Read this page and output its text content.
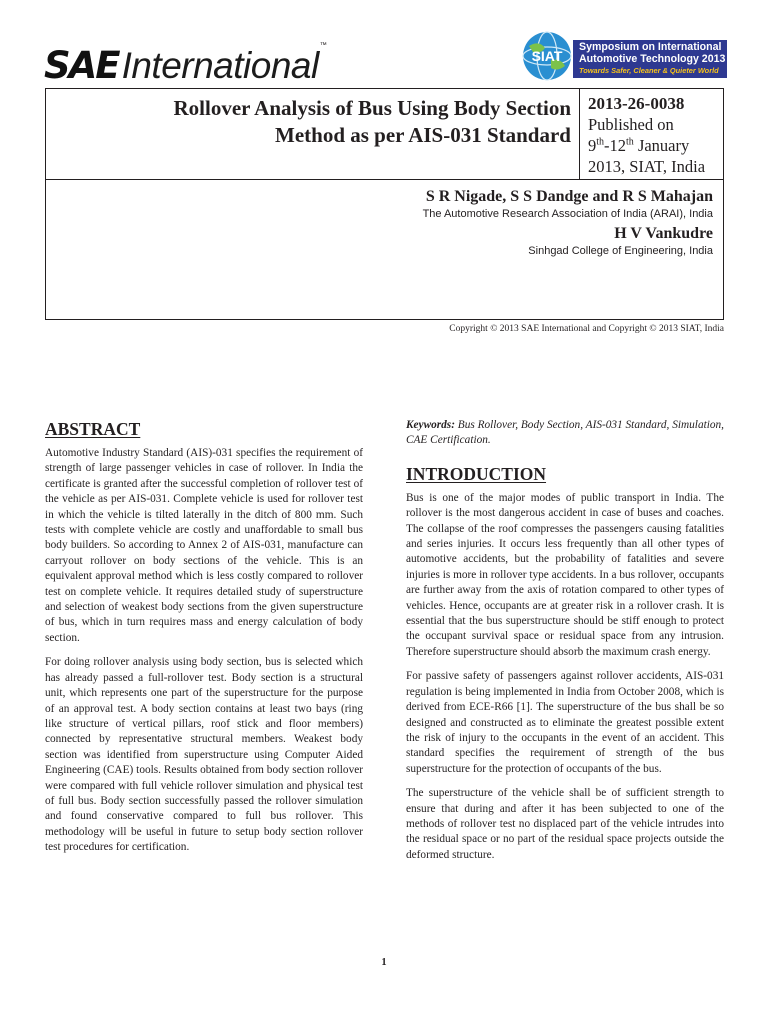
SAE International ™
SIAT
Symposium on International
Automotive Technology 2013
Towards Safer, Cleaner & Quieter World
Rollover Analysis of Bus Using Body Section
Method as per AIS-031 Standard
2013-26-0038
Published on
9th-12th January
2013, SIAT, India
S R Nigade, S S Dandge and R S Mahajan
The Automotive Research Association of India (ARAI), India
H V Vankudre
Sinhgad College of Engineering, India
Copyright © 2013 SAE International and Copyright © 2013 SIAT, India
ABSTRACT

Automotive Industry Standard (AIS)-031 specifies the requirement of strength of large passenger vehicles in case of rollover. In India the certificate is granted after the successful completion of rollover test of the vehicle as per AIS-031. Complete vehicle is used for rollover test in which the vehicle is tilted laterally in the ditch of 800 mm. Such tests with complete vehicle are costly and unaffordable to small bus body builders. So according to Annex 2 of AIS-031, manufacture can carryout rollover on body sections of the vehicle. This is an equivalent approval method which is less costly compared to rollover test on complete vehicle. It requires detailed study of superstructure and selection of weakest body sections from the given superstructure of bus, which in turn requires mass and energy calculation of body section.

For doing rollover analysis using body section, bus is selected which has already passed a full-rollover test. Body section is a structural unit, which represents one part of the superstructure for the purpose of an approval test. A body section contains at least two bays (ring like structure of vertical pillars, roof stick and floor members) connected by representative structural members. Weakest body section was identified from superstructure using Computer Aided Engineering (CAE) tools. Results obtained from body section rollover were compared with full vehicle rollover simulation and physical test of full bus. Body section successfully passed the rollover simulation and found conservative compared to full bus rollover. This methodology will be useful in future to setup body section rollover test procedures for certification.

Keywords: Bus Rollover, Body Section, AIS-031 Standard, Simulation, CAE Certification.

INTRODUCTION

Bus is one of the major modes of public transport in India. The rollover is the most dangerous accident in case of buses and coaches. The collapse of the roof compresses the passengers causing fatalities and series injuries. It occurs less frequently than all other types of automotive accidents, but the probability of fatalities and severe injuries is more in rollover type accidents. In a bus rollover, occupants are further away from the axis of rotation compared to other types of vehicles. Hence, occupants are at greater risk in a rollover crash. It is essential that the bus superstructure should be stiff enough to protect the occupant survival space or residual space from any intrusion. Therefore superstructure should absorb the maximum crash energy.

For passive safety of passengers against rollover accidents, AIS-031 regulation is being implemented in India from October 2008, which is derived from ECE-R66 [1]. The superstructure of the bus shall be so designed and constructed as to eliminate the greatest possible extent the risk of injury to the occupants in the event of an accident. This standard specifies the requirement of strength of the bus superstructure for the protection of occupants of the bus.

The superstructure of the vehicle shall be of sufficient strength to ensure that during and after it has been subjected to one of the methods of rollover test no displaced part of the vehicle intrudes into the residual space or no part of the residual space projects outside the deformed structure.

1
